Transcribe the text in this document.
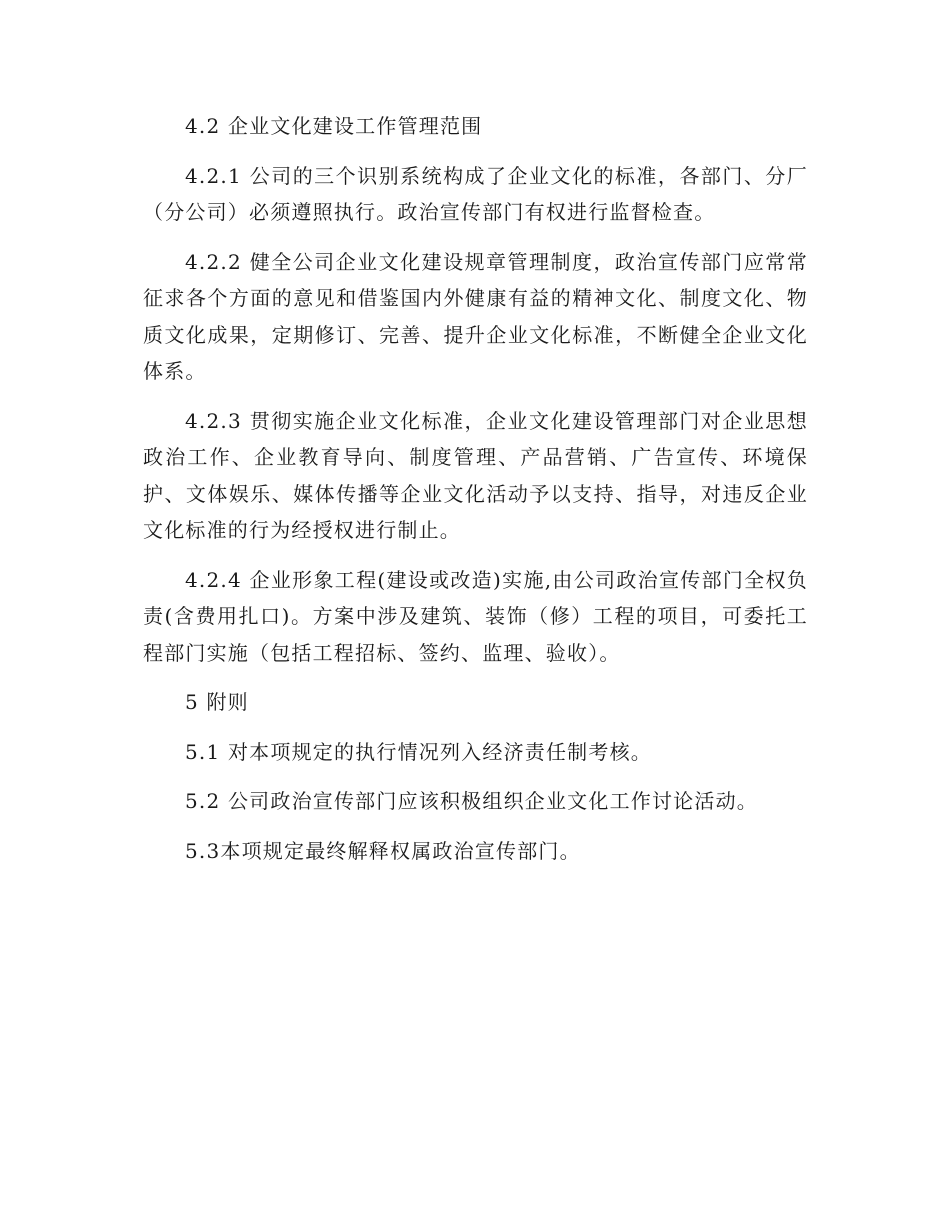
4.2 企业文化建设工作管理范围

4.2.1 公司的三个识别系统构成了企业文化的标准，各部门、分厂（分公司）必须遵照执行。政治宣传部门有权进行监督检查。

4.2.2 健全公司企业文化建设规章管理制度，政治宣传部门应常常征求各个方面的意见和借鉴国内外健康有益的精神文化、制度文化、物质文化成果，定期修订、完善、提升企业文化标准，不断健全企业文化体系。

4.2.3 贯彻实施企业文化标准，企业文化建设管理部门对企业思想政治工作、企业教育导向、制度管理、产品营销、广告宣传、环境保护、文体娱乐、媒体传播等企业文化活动予以支持、指导，对违反企业文化标准的行为经授权进行制止。

4.2.4 企业形象工程(建设或改造)实施,由公司政治宣传部门全权负责(含费用扎口)。方案中涉及建筑、装饰（修）工程的项目，可委托工程部门实施（包括工程招标、签约、监理、验收）。

5 附则

5.1 对本项规定的执行情况列入经济责任制考核。

5.2 公司政治宣传部门应该积极组织企业文化工作讨论活动。

5.3本项规定最终解释权属政治宣传部门。
